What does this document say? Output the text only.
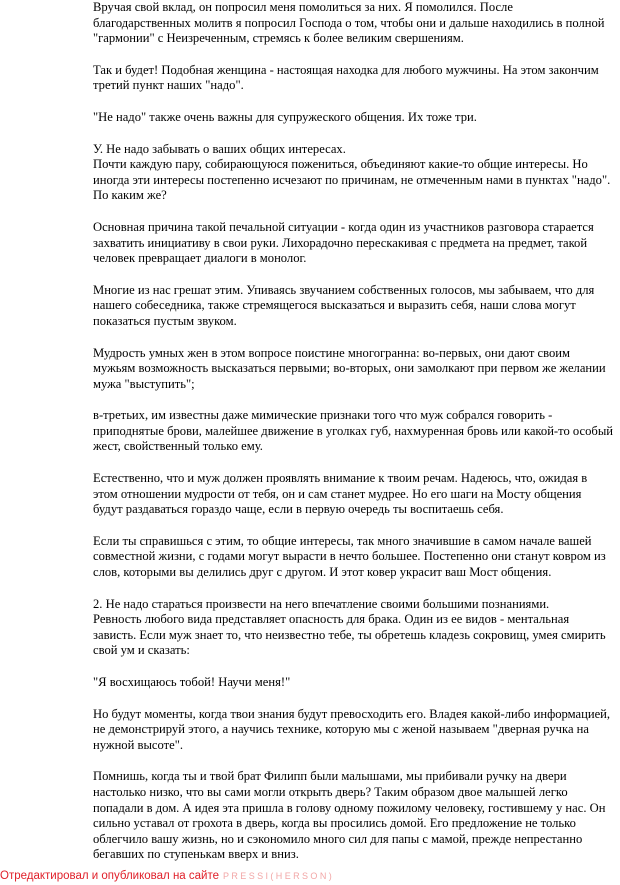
Вручая свой вклад, он попросил меня помолиться за них. Я помолился. После благодарственных молитв я попросил Господа о том, чтобы они и дальше находились в полной "гармонии" с Неизреченным, стремясь к более великим свершениям.

Так и будет! Подобная женщина - настоящая находка для любого мужчины. На этом закончим третий пункт наших "надо".

"Не надо" также очень важны для супружеского общения. Их тоже три.

У. Не надо забывать о ваших общих интересах.
Почти каждую пару, собирающуюся пожениться, объединяют какие-то общие интересы. Но иногда эти интересы постепенно исчезают по причинам, не отмеченным нами в пунктах "надо". По каким же?

Основная причина такой печальной ситуации - когда один из участников разговора старается захватить инициативу в свои руки. Лихорадочно перескакивая с предмета на предмет, такой человек превращает диалоги в монолог.

Многие из нас грешат этим. Упиваясь звучанием собственных голосов, мы забываем, что для нашего собеседника, также стремящегося высказаться и выразить себя, наши слова могут показаться пустым звуком.

Мудрость умных жен в этом вопросе поистине многогранна: во-первых, они дают своим мужьям возможность высказаться первыми; во-вторых, они замолкают при первом же желании мужа "выступить";

в-третьих, им известны даже мимические признаки того что муж собрался говорить - приподнятые брови, малейшее движение в уголках губ, нахмуренная бровь или какой-то особый жест, свойственный только ему.

Естественно, что и муж должен проявлять внимание к твоим речам. Надеюсь, что, ожидая в этом отношении мудрости от тебя, он и сам станет мудрее. Но его шаги на Мосту общения будут раздаваться гораздо чаще, если в первую очередь ты воспитаешь себя.

Если ты справишься с этим, то общие интересы, так много значившие в самом начале вашей совместной жизни, с годами могут вырасти в нечто большее. Постепенно они станут ковром из слов, которыми вы делились друг с другом. И этот ковер украсит ваш Мост общения.

2. Не надо стараться произвести на него впечатление своими большими познаниями.
Ревность любого вида представляет опасность для брака. Один из ее видов - ментальная зависть. Если муж знает то, что неизвестно тебе, ты обретешь кладезь сокровищ, умея смирить свой ум и сказать:

"Я восхищаюсь тобой! Научи меня!"

Но будут моменты, когда твои знания будут превосходить его. Владея какой-либо информацией, не демонстрируй этого, а научись технике, которую мы с женой называем "дверная ручка на нужной высоте".

Помнишь, когда ты и твой брат Филипп были малышами, мы прибивали ручку на двери настолько низко, что вы сами могли открыть дверь? Таким образом двое малышей легко попадали в дом. А идея эта пришла в голову одному пожилому человеку, гостившему у нас. Он сильно уставал от грохота в дверь, когда вы просились домой. Его предложение не только облегчило вашу жизнь, но и сэкономило много сил для папы с мамой, прежде непрестанно бегавших по ступенькам вверх и вниз.

Отредактировал и опубликовал на сайте PRESSI(HERSON)
